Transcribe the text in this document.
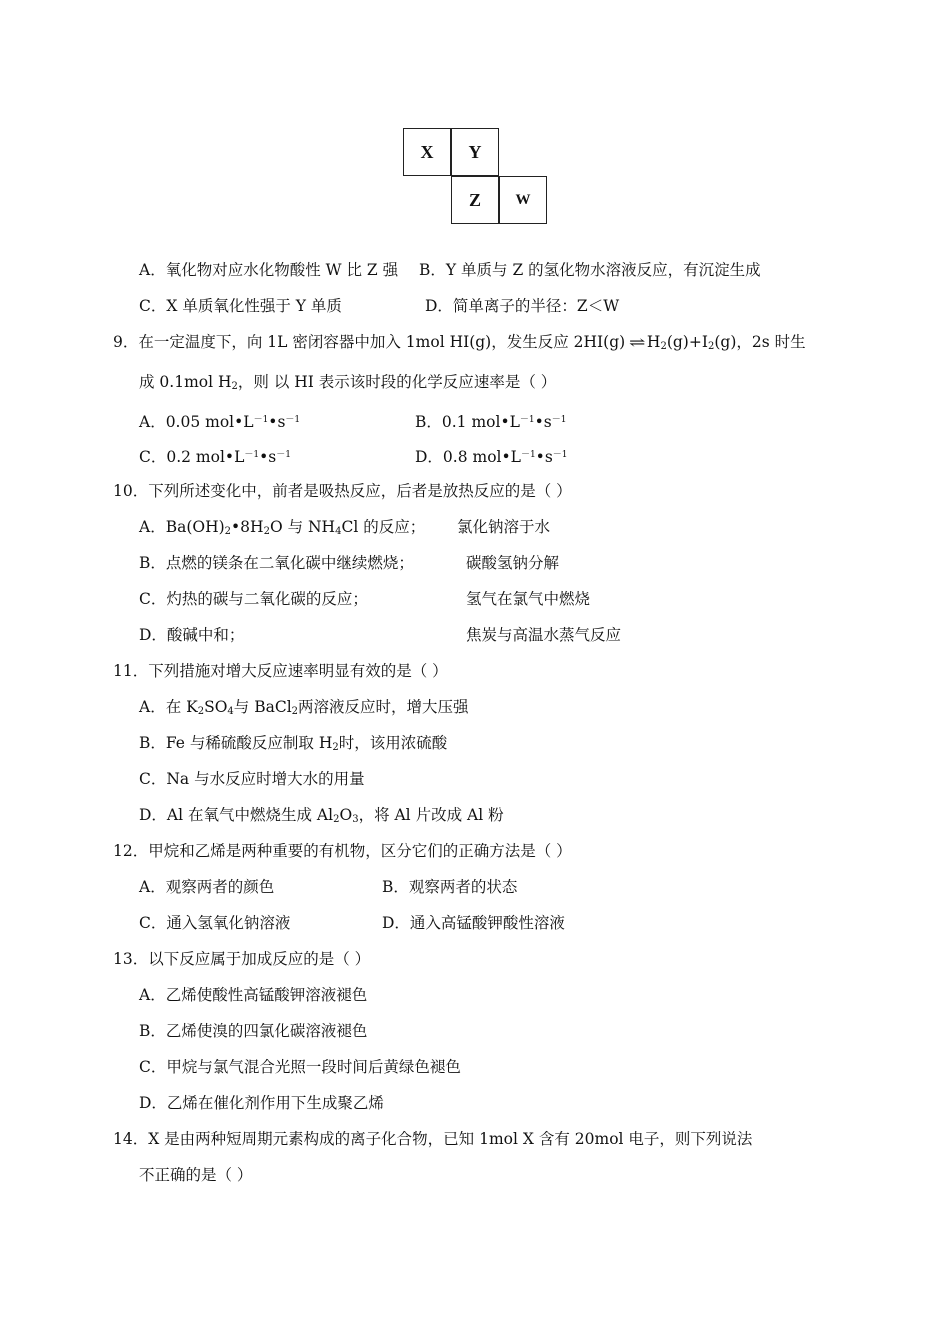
X	Y
Z	W
A．氧化物对应水化物酸性 W 比 Z 强 B．Y 单质与 Z 的氢化物水溶液反应，有沉淀生成
C．X 单质氧化性强于 Y 单质	D．简单离子的半径：Z＜W
9．在一定温度下，向 1L 密闭容器中加入 1mol HI(g)，发生反应 2HI(g) ⇌ $H_2(g)+I_2(g)$，2s 时生
成 0.1mol $H_2$，则 以 HI 表示该时段的化学反应速率是（ ）
A．0.05 $mol•L^{-1}•s^{-1}$	B．0.1 $mol•L^{-1}•s^{-1}$
C．0.2 $mol•L^{-1}•s^{-1}$	D．0.8 $mol•L^{-1}•s^{-1}$
10．下列所述变化中，前者是吸热反应，后者是放热反应的是（ ）
A．$Ba(OH)_2•8H_2O$ 与 $NH_4Cl$ 的反应； 氯化钠溶于水
B．点燃的镁条在二氧化碳中继续燃烧；	碳酸氢钠分解
C．灼热的碳与二氧化碳的反应；	氢气在氯气中燃烧
D．酸碱中和；	焦炭与高温水蒸气反应
11．下列措施对增大反应速率明显有效的是（ ）
A．在 $K_2SO_4$与 BaCl$_2$两溶液反应时，增大压强
B．Fe 与稀硫酸反应制取 $H_2$时，该用浓硫酸
C．Na 与水反应时增大水的用量
D．Al 在氧气中燃烧生成 $Al_2O_3$，将 Al 片改成 Al 粉
12．甲烷和乙烯是两种重要的有机物，区分它们的正确方法是（ ）
A．观察两者的颜色	B．观察两者的状态
C．通入氢氧化钠溶液	D．通入高锰酸钾酸性溶液
13．以下反应属于加成反应的是（ ）
A．乙烯使酸性高锰酸钾溶液褪色
B．乙烯使溴的四氯化碳溶液褪色
C．甲烷与氯气混合光照一段时间后黄绿色褪色
D．乙烯在催化剂作用下生成聚乙烯
14．X 是由两种短周期元素构成的离子化合物，已知 1mol X 含有 20mol 电子，则下列说法
不正确的是（ ）
